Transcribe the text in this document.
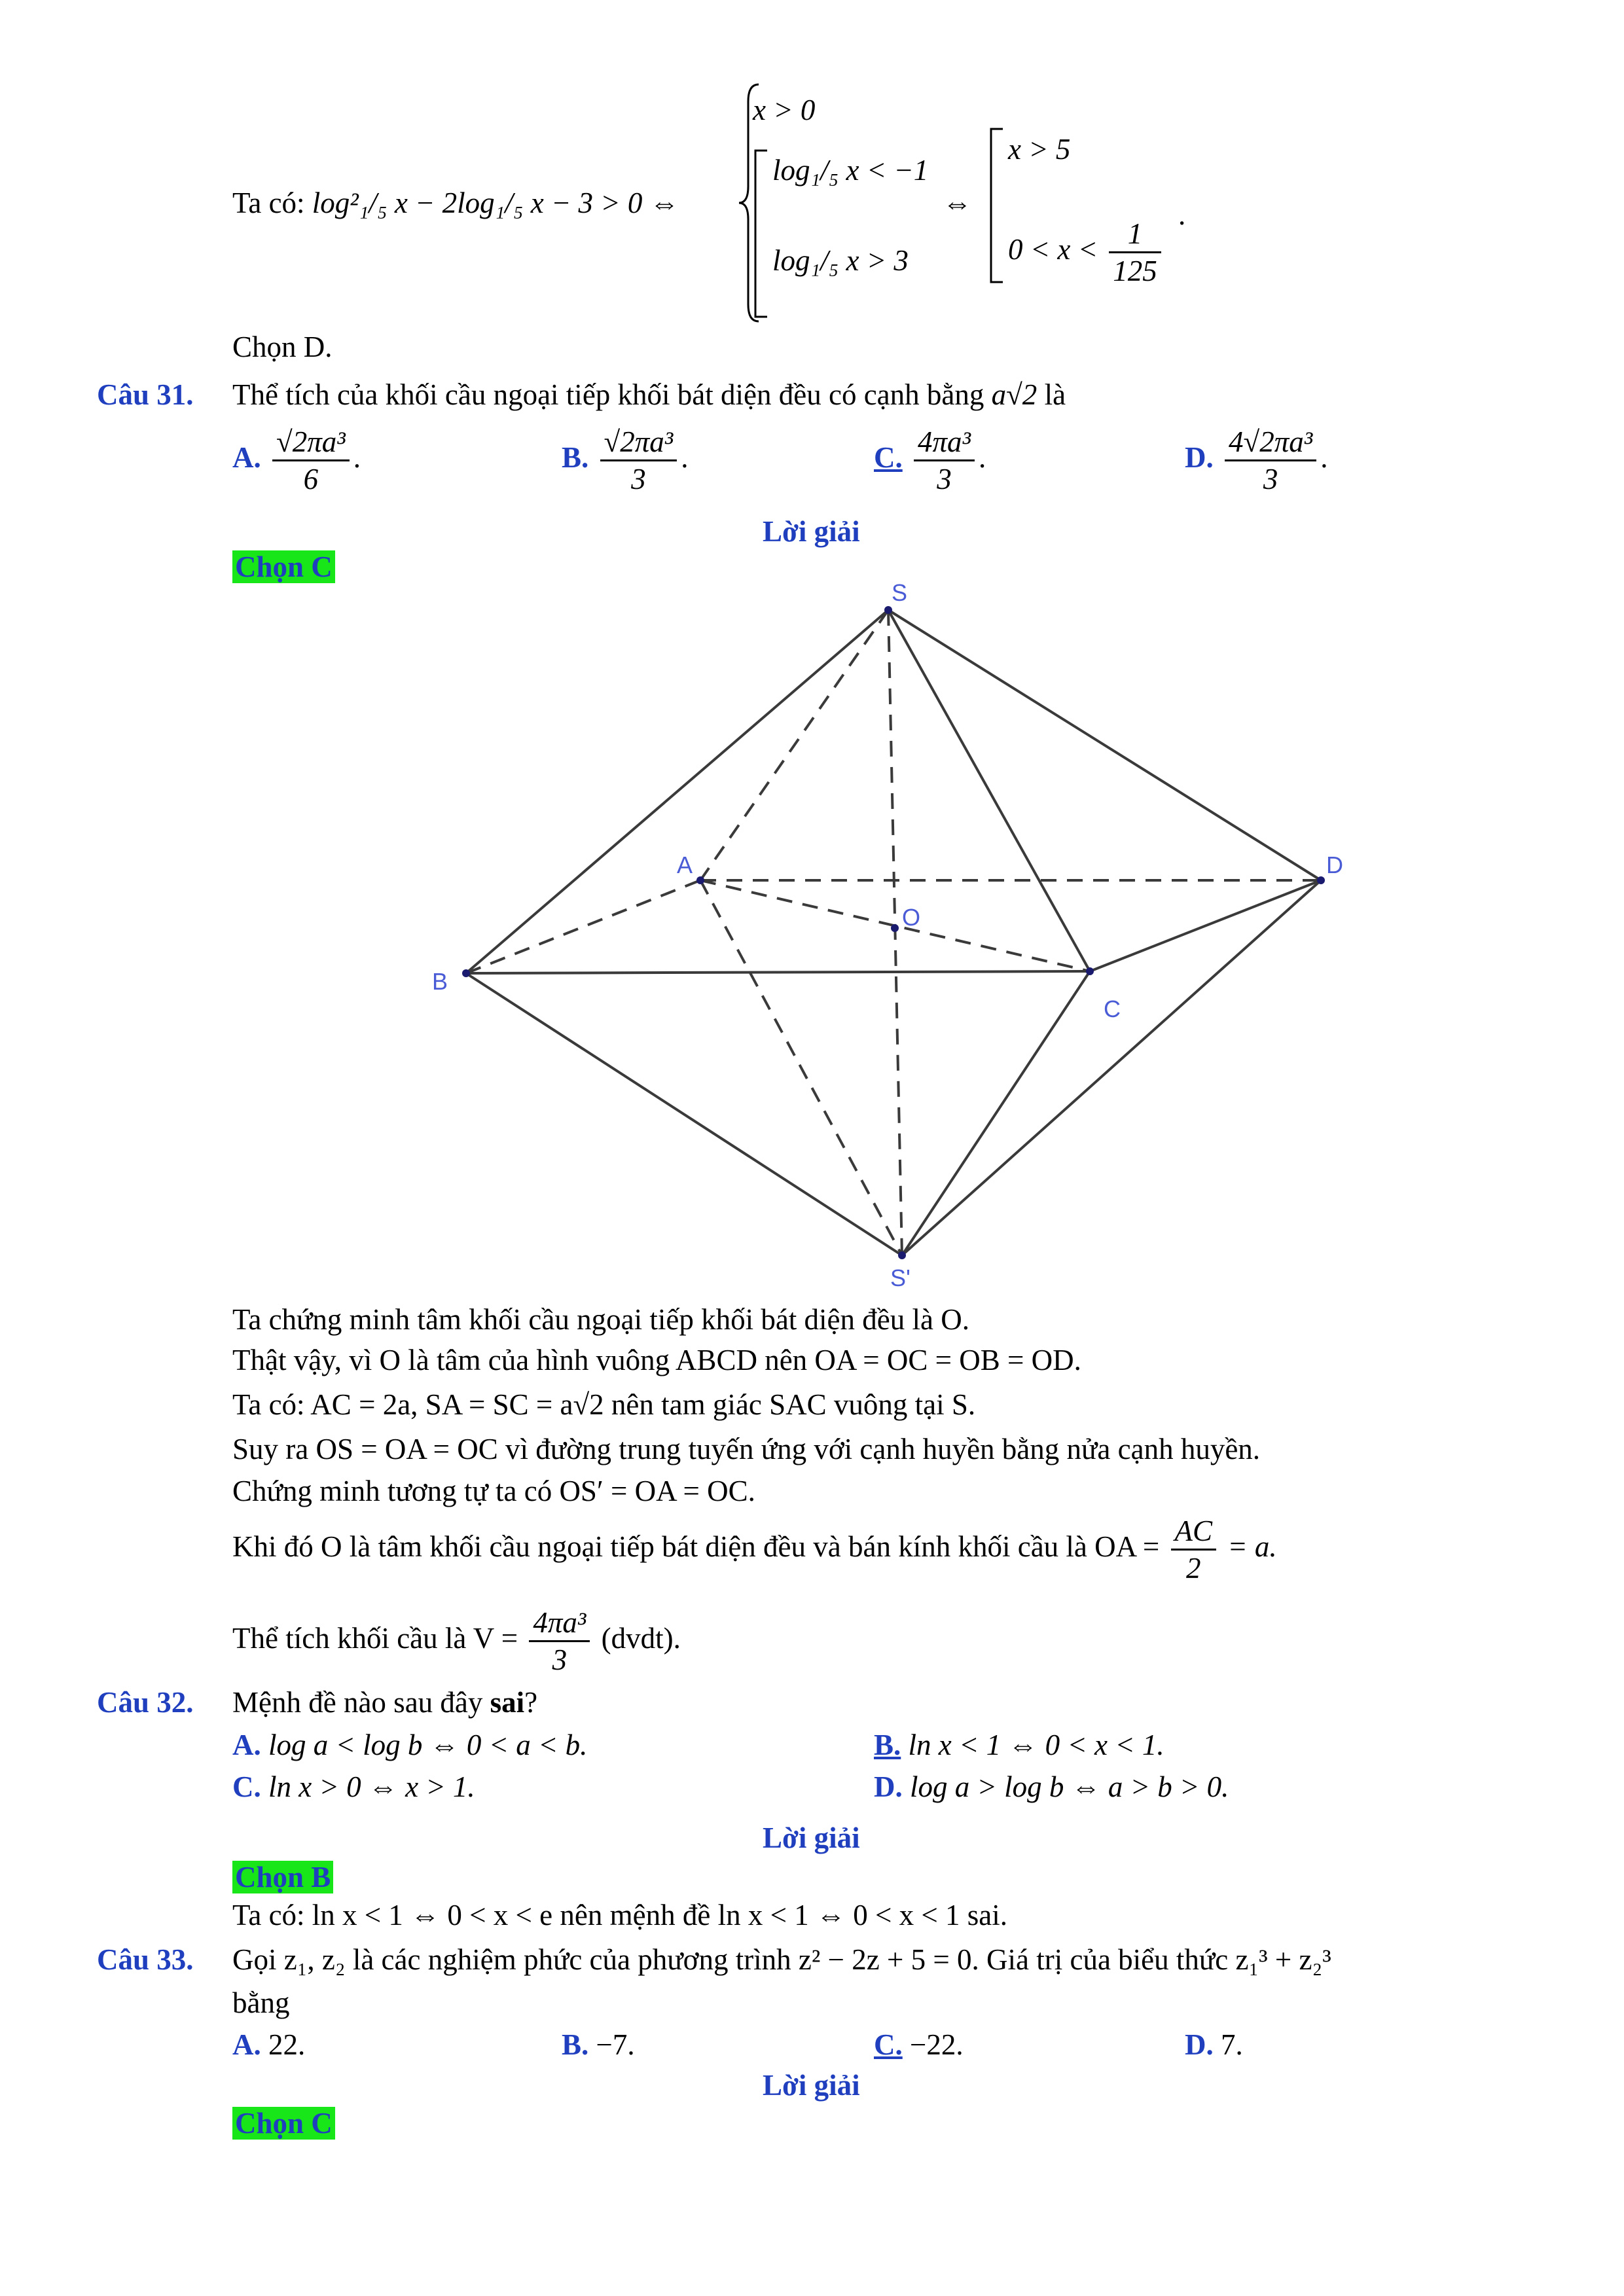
Ta có: log²₁/₅ x − 2log₁/₅ x − 3 > 0 ⇔
x > 0
log₁/₅ x < −1
log₁/₅ x > 3
⇔
x > 5
$0 < x < \frac{1}{125}$
.
Chọn D.
Câu 31. Thể tích của khối cầu ngoại tiếp khối bát diện đều có cạnh bằng a√2 là
A. $\frac{\text{√2πa³}}{6}$ .	B. $\frac{\text{√2πa³}}{3}$ .	C. $\frac{\text{4πa³}}{3}$ .	D. $\frac{\text{4√2πa³}}{3}$ .
Lời giải
Chọn C
S
A	D
O
B
C
S'
Ta chứng minh tâm khối cầu ngoại tiếp khối bát diện đều là O.
Thật vậy, vì O là tâm của hình vuông ABCD nên OA = OC = OB = OD.
Ta có: AC = 2a, SA = SC = a√2 nên tam giác SAC vuông tại S.
Suy ra OS = OA = OC vì đường trung tuyến ứng với cạnh huyền bằng nửa cạnh huyền.
Chứng minh tương tự ta có OS′ = OA = OC.
Khi đó O là tâm khối cầu ngoại tiếp bát diện đều và bán kính khối cầu là OA = $\frac{AC}{2} = a$.
Thể tích khối cầu là $V = \frac{\text{4πa³}}{3}$ (dvdt).
Câu 32. Mệnh đề nào sau đây sai?
A. log a < log b ⇔ 0 < a < b.	B. ln x < 1 ⇔ 0 < x < 1.
C. ln x > 0 ⇔ x > 1.	D. log a > log b ⇔ a > b > 0.
Lời giải
Chọn B
Ta có: ln x < 1 ⇔ 0 < x < e nên mệnh đề ln x < 1 ⇔ 0 < x < 1 sai.
Câu 33. Gọi z₁, z₂ là các nghiệm phức của phương trình z² − 2z + 5 = 0. Giá trị của biểu thức z₁³ + z₂³
bằng
A. 22.	B. −7.	C. −22.	D. 7.
Lời giải
Chọn C
